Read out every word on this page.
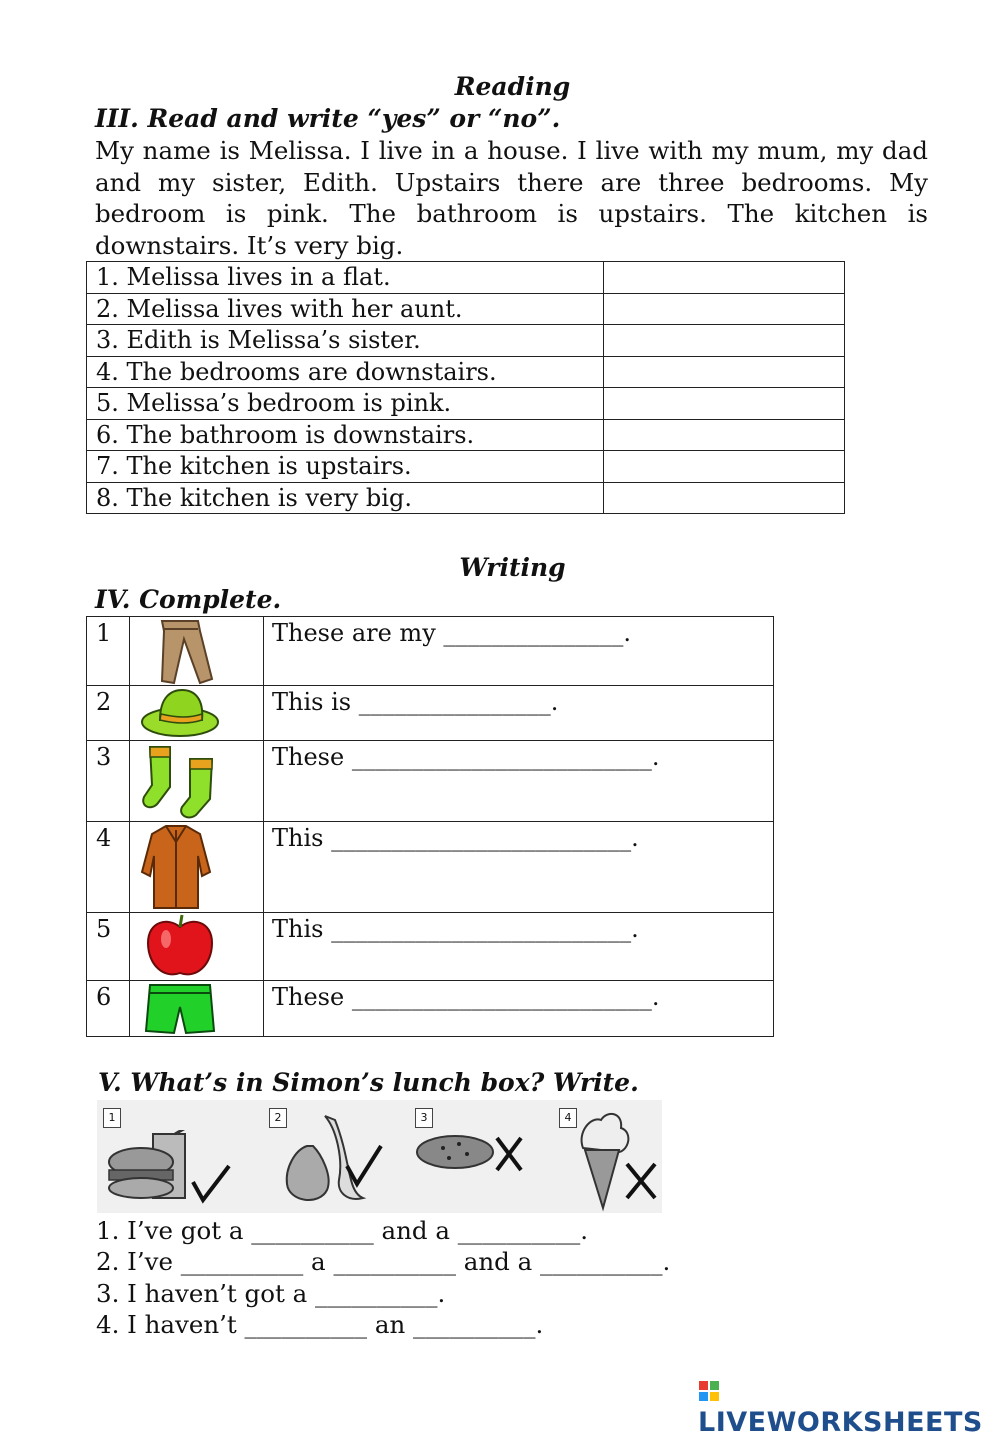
Reading
III. Read and write “yes” or “no”.
My name is Melissa. I live in a house. I live with my mum, my dad and my sister, Edith. Upstairs there are three bedrooms. My bedroom is pink. The bathroom is upstairs. The kitchen is downstairs. It’s very big.
1. Melissa lives in a flat.	
2. Melissa lives with her aunt.	
3. Edith is Melissa’s sister.	
4. The bedrooms are downstairs.	
5. Melissa’s bedroom is pink.	
6. The bathroom is downstairs.	
7. The kitchen is upstairs.	
8. The kitchen is very big.	
Writing
IV. Complete.
1		These are my _______________.
2		This is ________________.
3		These _________________________.
4		This _________________________.
5		This _________________________.
6		These _________________________.
V. What’s in Simon’s lunch box? Write.
1	2	3	4
1. I’ve got a __________ and a __________.
2. I’ve __________ a __________ and a __________.
3. I haven’t got a __________.
4. I haven’t __________ an __________.
LIVEWORKSHEETS
